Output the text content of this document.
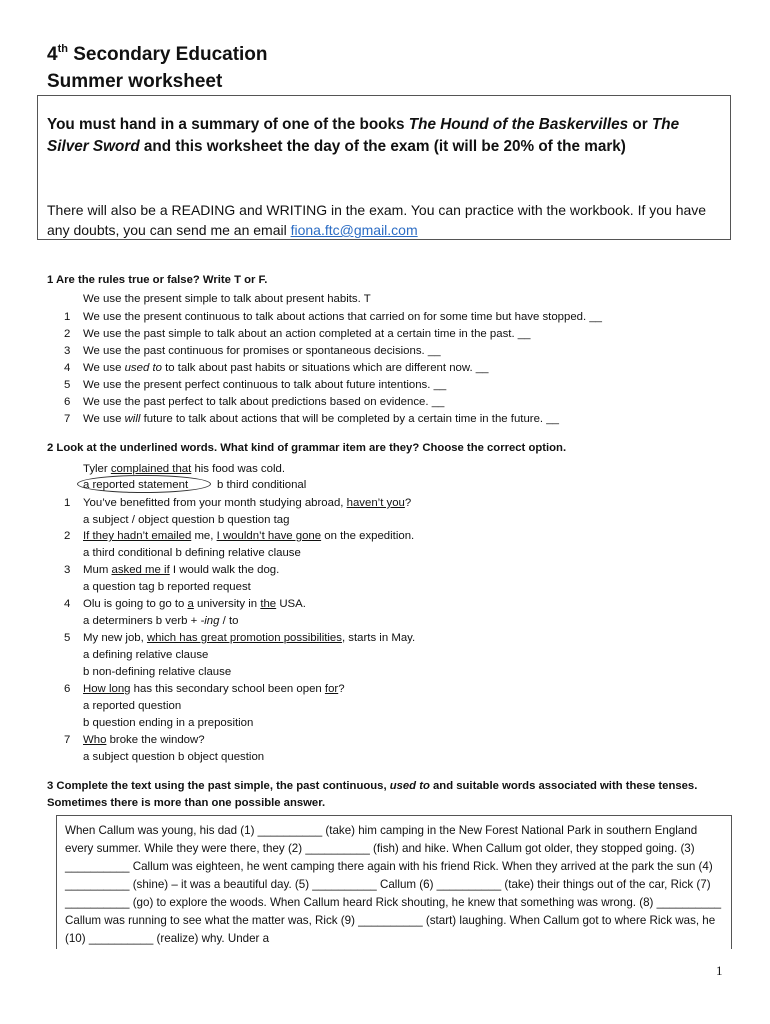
4th Secondary Education
Summer worksheet
You must hand in a summary of one of the books The Hound of the Baskervilles or The Silver Sword and this worksheet the day of the exam (it will be 20% of the mark)
There will also be a READING and WRITING in the exam. You can practice with the workbook. If you have any doubts, you can send me an email fiona.ftc@gmail.com
1 Are the rules true or false? Write T or F.
We use the present simple to talk about present habits. T
1 We use the present continuous to talk about actions that carried on for some time but have stopped. __
2 We use the past simple to talk about an action completed at a certain time in the past. __
3 We use the past continuous for promises or spontaneous decisions. __
4 We use used to to talk about past habits or situations which are different now. __
5 We use the present perfect continuous to talk about future intentions. __
6 We use the past perfect to talk about predictions based on evidence. __
7 We use will future to talk about actions that will be completed by a certain time in the future. __
2 Look at the underlined words. What kind of grammar item are they? Choose the correct option.
Tyler complained that his food was cold.
a reported statement	b third conditional
1 You’ve benefitted from your month studying abroad, haven’t you?
a subject / object question b question tag
2 If they hadn’t emailed me, I wouldn’t have gone on the expedition.
a third conditional b defining relative clause
3 Mum asked me if I would walk the dog.
a question tag b reported request
4 Olu is going to go to a university in the USA.
a determiners b verb + -ing / to
5 My new job, which has great promotion possibilities, starts in May.
a defining relative clause
b non-defining relative clause
6 How long has this secondary school been open for?
a reported question
b question ending in a preposition
7 Who broke the window?
a subject question b object question
3 Complete the text using the past simple, the past continuous, used to and suitable words associated with these tenses. Sometimes there is more than one possible answer.
When Callum was young, his dad (1) __________ (take) him camping in the New Forest National Park in southern England every summer. While they were there, they (2) __________ (fish) and hike. When Callum got older, they stopped going. (3) __________ Callum was eighteen, he went camping there again with his friend Rick. When they arrived at the park the sun (4) __________ (shine) – it was a beautiful day. (5) __________ Callum (6) __________ (take) their things out of the car, Rick (7) __________ (go) to explore the woods. When Callum heard Rick shouting, he knew that something was wrong. (8) __________ Callum was running to see what the matter was, Rick (9) __________ (start) laughing. When Callum got to where Rick was, he (10) __________ (realize) why. Under a
1
